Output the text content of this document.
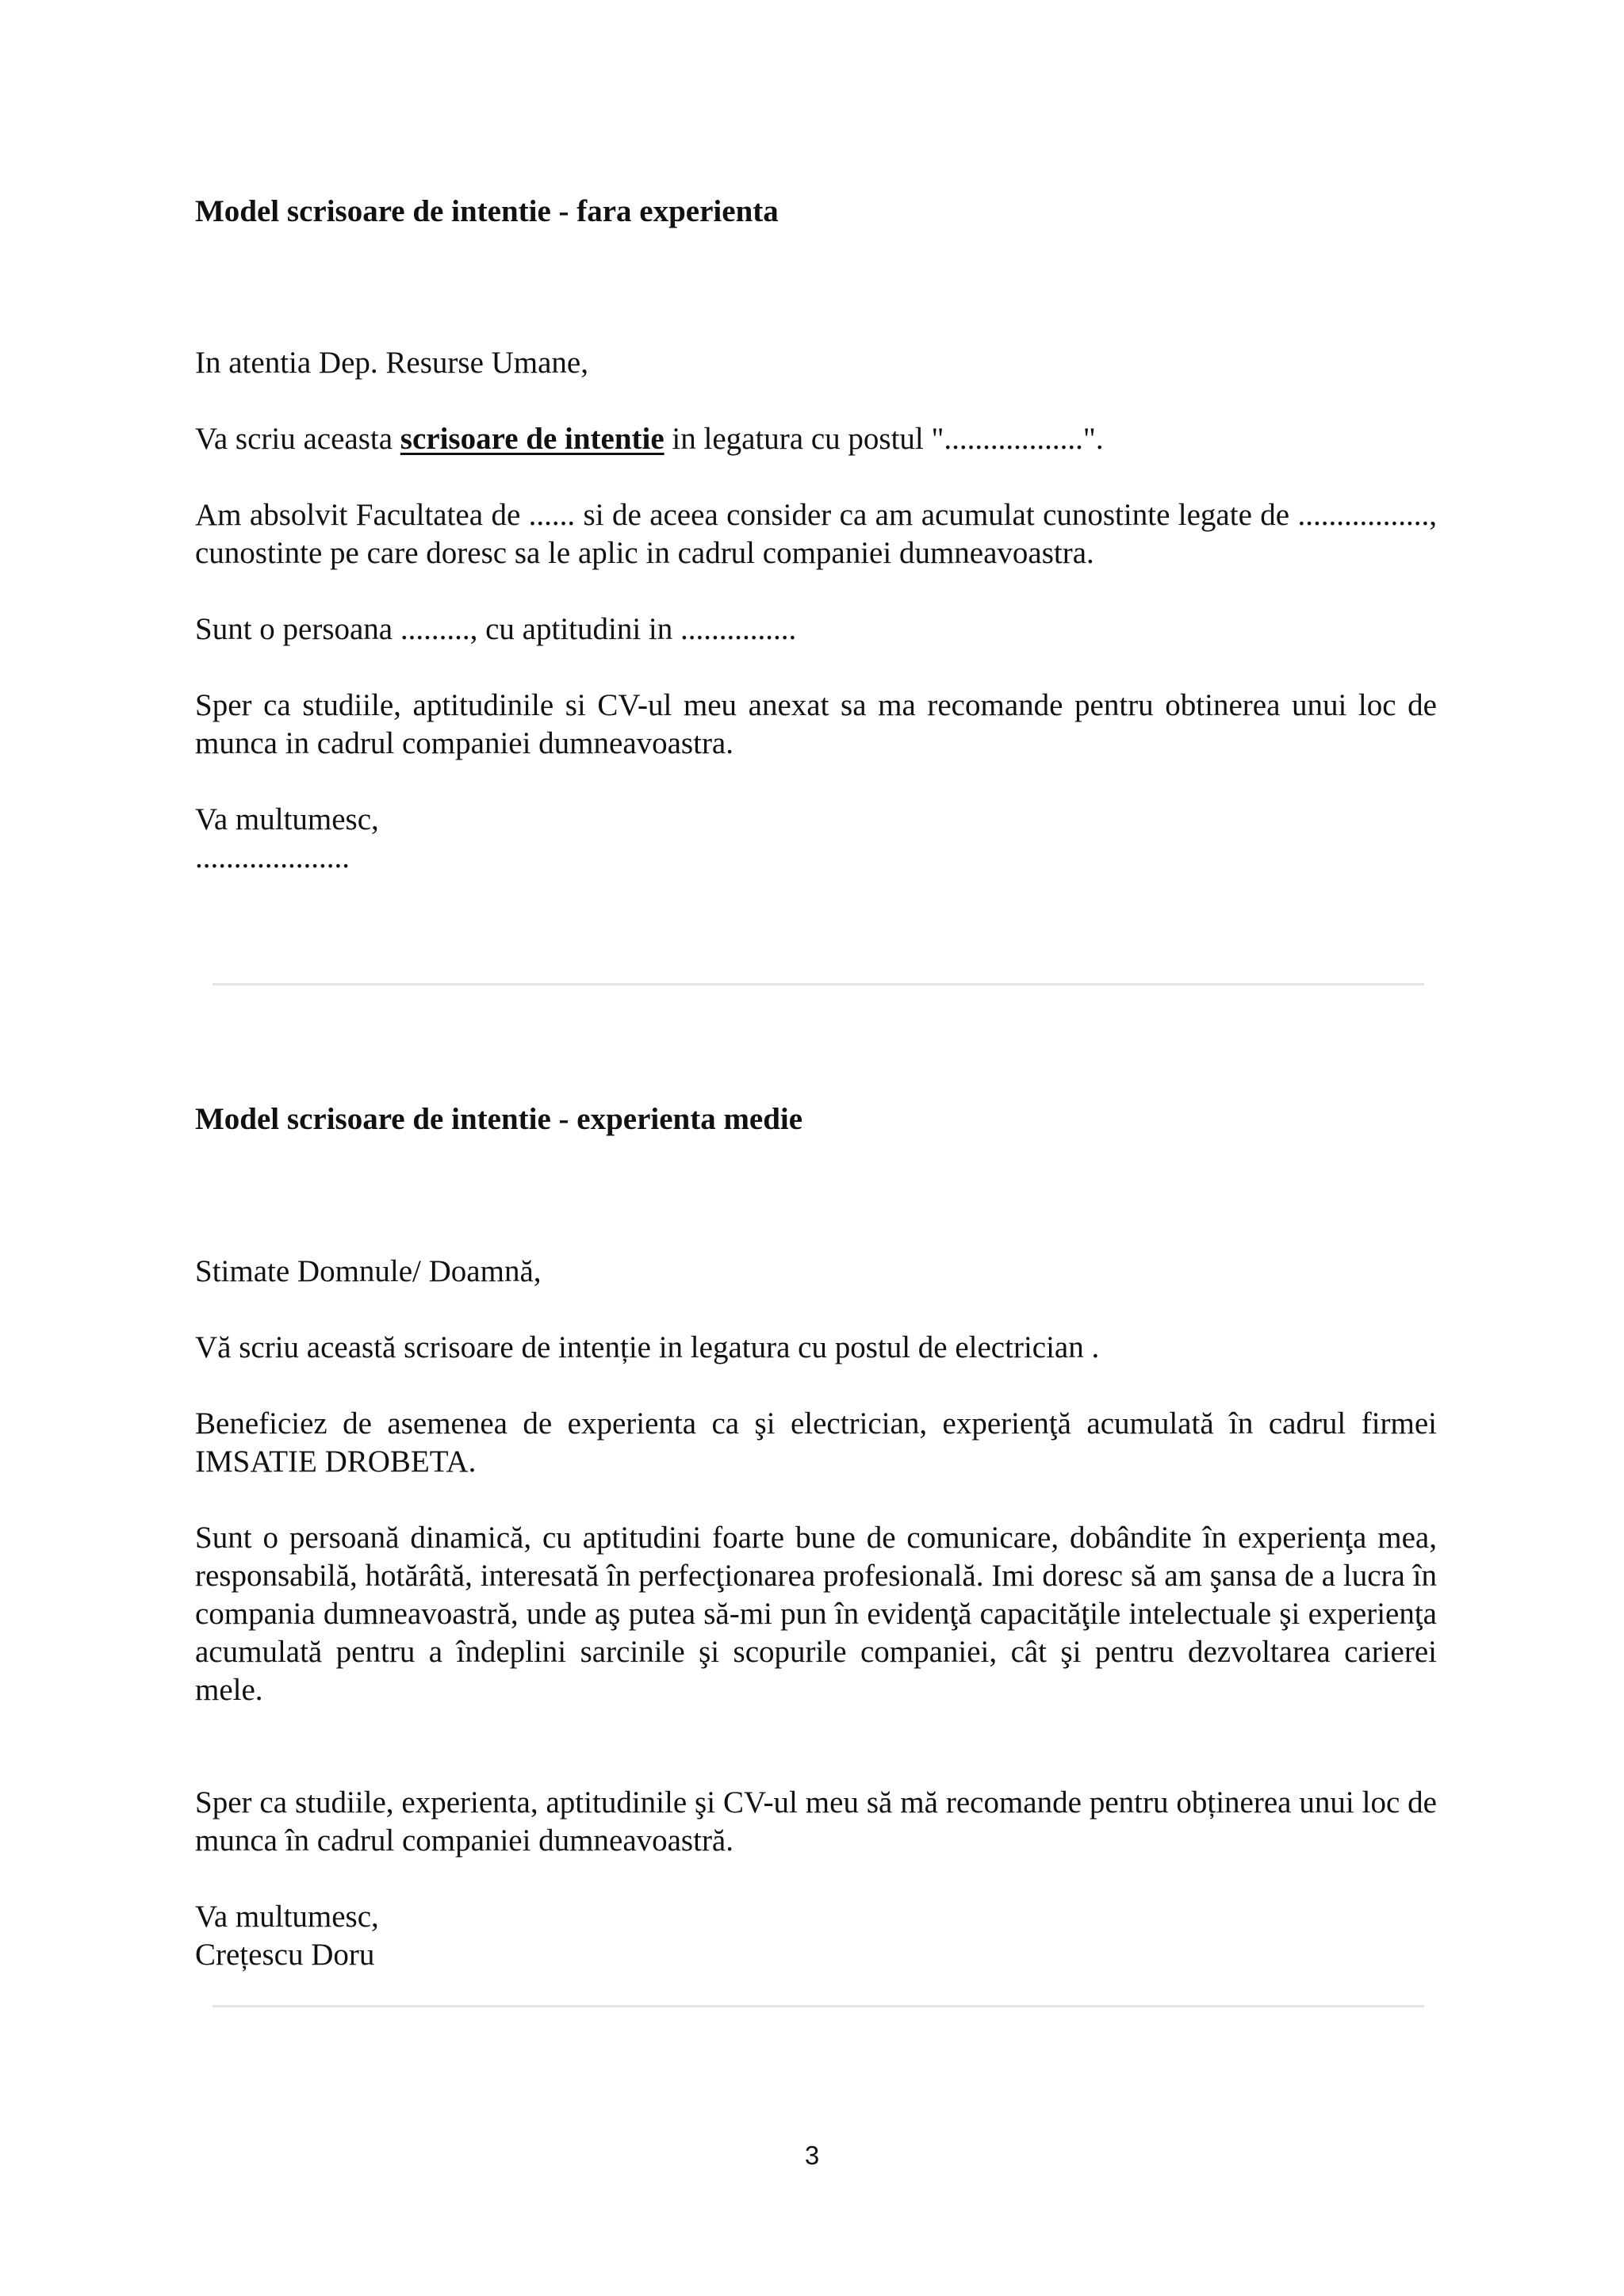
Model scrisoare de intentie - fara experienta
In atentia Dep. Resurse Umane,
Va scriu aceasta scrisoare de intentie in legatura cu postul "..................".
Am absolvit Facultatea de ...... si de aceea consider ca am acumulat cunostinte legate de ................., cunostinte pe care doresc sa le aplic in cadrul companiei dumneavoastra.
Sunt o persoana ........., cu aptitudini in ...............
Sper ca studiile, aptitudinile si CV-ul meu anexat sa ma recomande pentru obtinerea unui loc de munca in cadrul companiei dumneavoastra.
Va multumesc,
....................
Model scrisoare de intentie - experienta medie
Stimate Domnule/ Doamnă,
Vă scriu această scrisoare de intenție in legatura cu postul de electrician .
Beneficiez de asemenea de experienta ca şi electrician, experienţă acumulată în cadrul firmei IMSATIE DROBETA.
Sunt o persoană dinamică, cu aptitudini foarte bune de comunicare, dobândite în experienţa mea, responsabilă, hotărâtă, interesată în perfecţionarea profesională. Imi doresc să am şansa de a lucra în compania dumneavoastră, unde aş putea să-mi pun în evidenţă capacităţile intelectuale şi experienţa acumulată pentru a îndeplini sarcinile şi scopurile companiei, cât şi pentru dezvoltarea carierei mele.
Sper ca studiile, experienta, aptitudinile şi CV-ul meu să mă recomande pentru obținerea unui loc de munca în cadrul companiei dumneavoastră.
Va multumesc,
Crețescu Doru
3
